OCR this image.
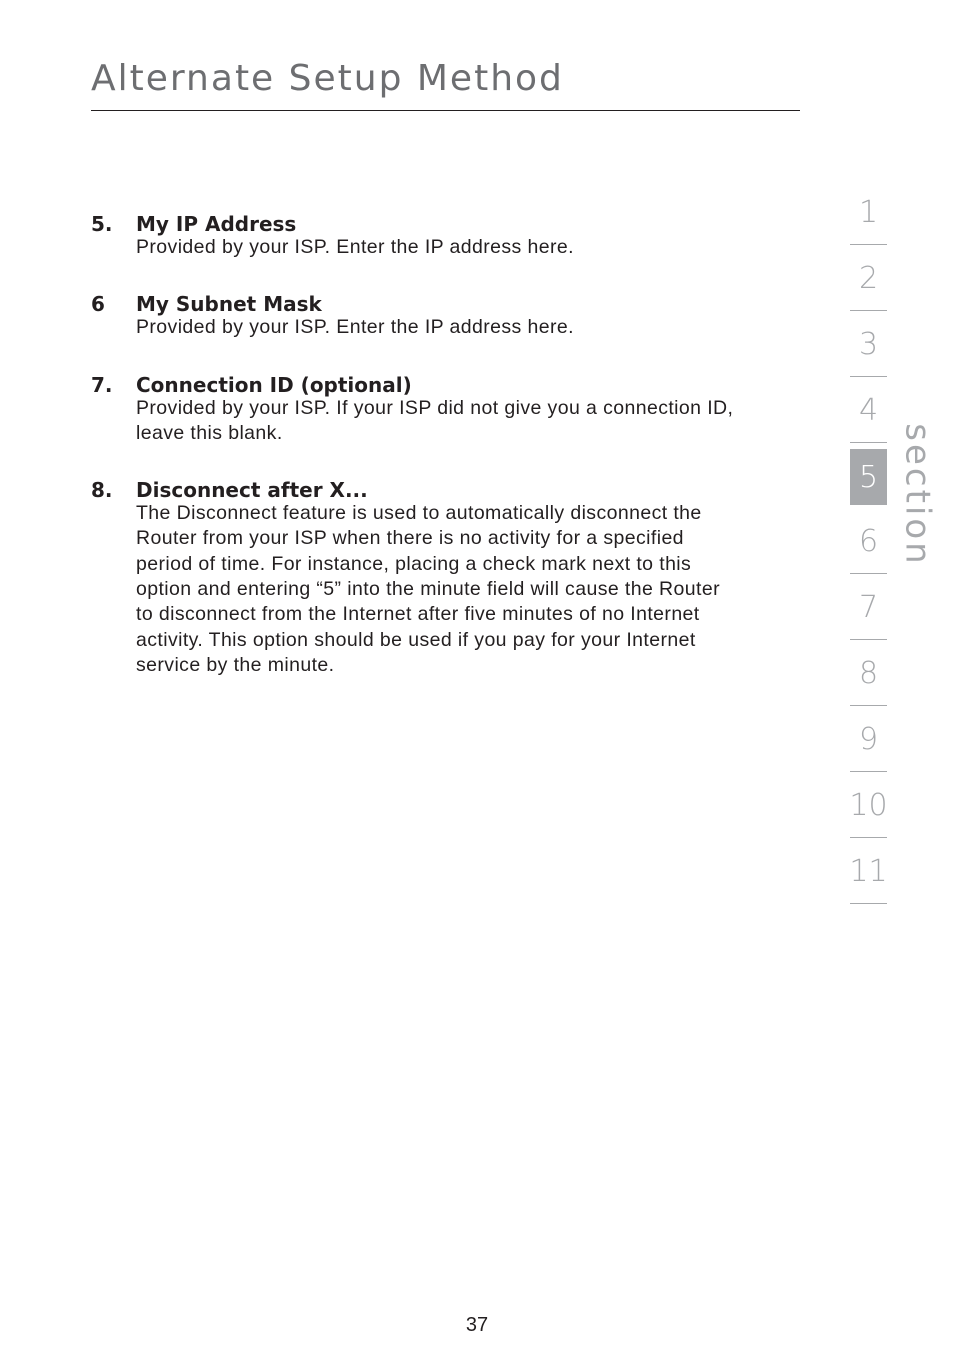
Alternate Setup Method
5. My IP Address
Provided by your ISP. Enter the IP address here.
6 My Subnet Mask
Provided by your ISP. Enter the IP address here.
7. Connection ID (optional)
Provided by your ISP. If your ISP did not give you a connection ID,
leave this blank.
8. Disconnect after X...
The Disconnect feature is used to automatically disconnect the
Router from your ISP when there is no activity for a specified
period of time. For instance, placing a check mark next to this
option and entering “5” into the minute field will cause the Router
to disconnect from the Internet after five minutes of no Internet
activity. This option should be used if you pay for your Internet
service by the minute.
1
2
3
4
5
6
7
8
9
10
11
section
37
